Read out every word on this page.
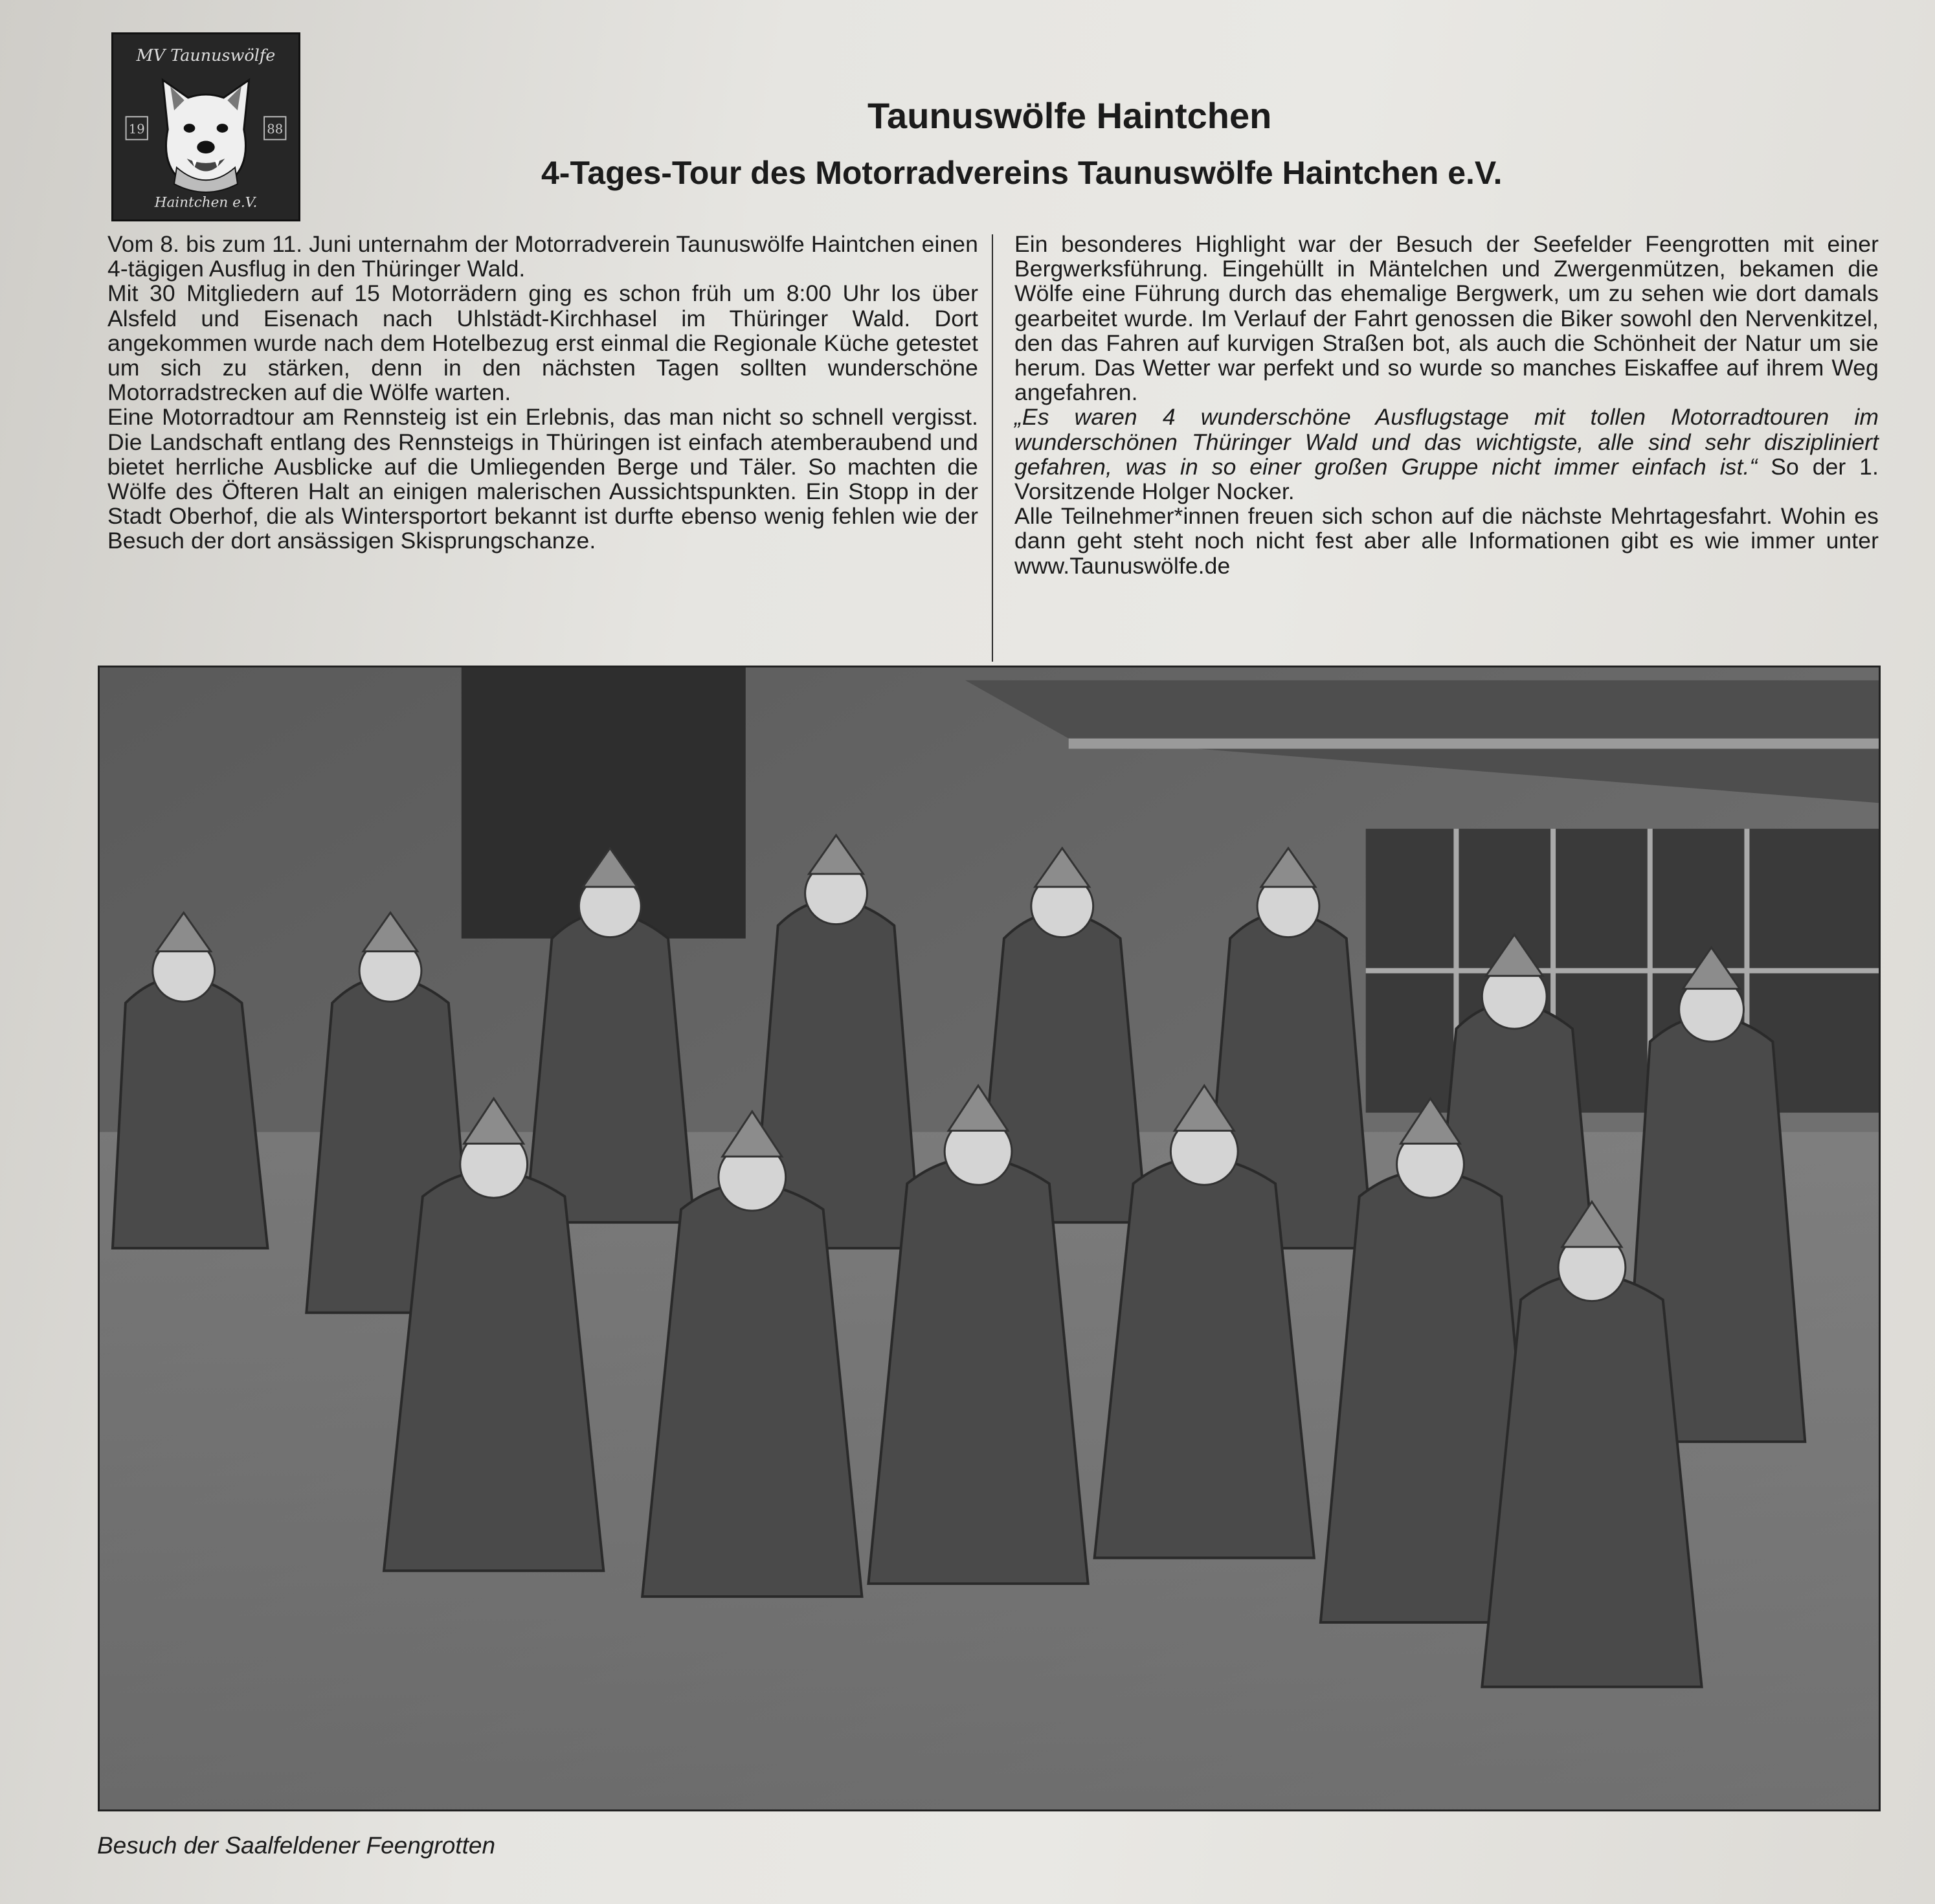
MV Taunuswölfe
Haintchen e.V.
19	88	Taunuswölfe Haintchen
4-Tages-Tour des Motorradvereins Taunuswölfe Haintchen e.V.

Vom 8. bis zum 11. Juni unternahm der Motorradverein Taunuswölfe Haintchen einen 4-tägigen Ausflug in den Thüringer Wald.

Mit 30 Mitgliedern auf 15 Motorrädern ging es schon früh um 8:00 Uhr los über Alsfeld und Eisenach nach Uhlstädt-Kirchhasel im Thüringer Wald. Dort angekommen wurde nach dem Hotelbezug erst einmal die Regionale Küche getestet um sich zu stärken, denn in den nächsten Tagen sollten wunderschöne Motorradstrecken auf die Wölfe warten.

Eine Motorradtour am Rennsteig ist ein Erlebnis, das man nicht so schnell vergisst. Die Landschaft entlang des Rennsteigs in Thüringen ist einfach atemberaubend und bietet herrliche Ausblicke auf die Umliegenden Berge und Täler. So machten die Wölfe des Öfteren Halt an einigen malerischen Aussichtspunkten. Ein Stopp in der Stadt Oberhof, die als Wintersportort bekannt ist durfte ebenso wenig fehlen wie der Besuch der dort ansässigen Skisprungschanze.

Ein besonderes Highlight war der Besuch der Seefelder Feengrotten mit einer Bergwerksführung. Eingehüllt in Mäntelchen und Zwergenmützen, bekamen die Wölfe eine Führung durch das ehemalige Bergwerk, um zu sehen wie dort damals gearbeitet wurde. Im Verlauf der Fahrt genossen die Biker sowohl den Nervenkitzel, den das Fahren auf kurvigen Straßen bot, als auch die Schönheit der Natur um sie herum. Das Wetter war perfekt und so wurde so manches Eiskaffee auf ihrem Weg angefahren.

„Es waren 4 wunderschöne Ausflugstage mit tollen Motorradtouren im wunderschönen Thüringer Wald und das wichtigste, alle sind sehr diszipliniert gefahren, was in so einer großen Gruppe nicht immer einfach ist.“ So der 1. Vorsitzende Holger Nocker.

Alle Teilnehmer*innen freuen sich schon auf die nächste Mehrtagesfahrt. Wohin es dann geht steht noch nicht fest aber alle Informationen gibt es wie immer unter www.Taunuswölfe.de

Besuch der Saalfeldener Feengrotten
